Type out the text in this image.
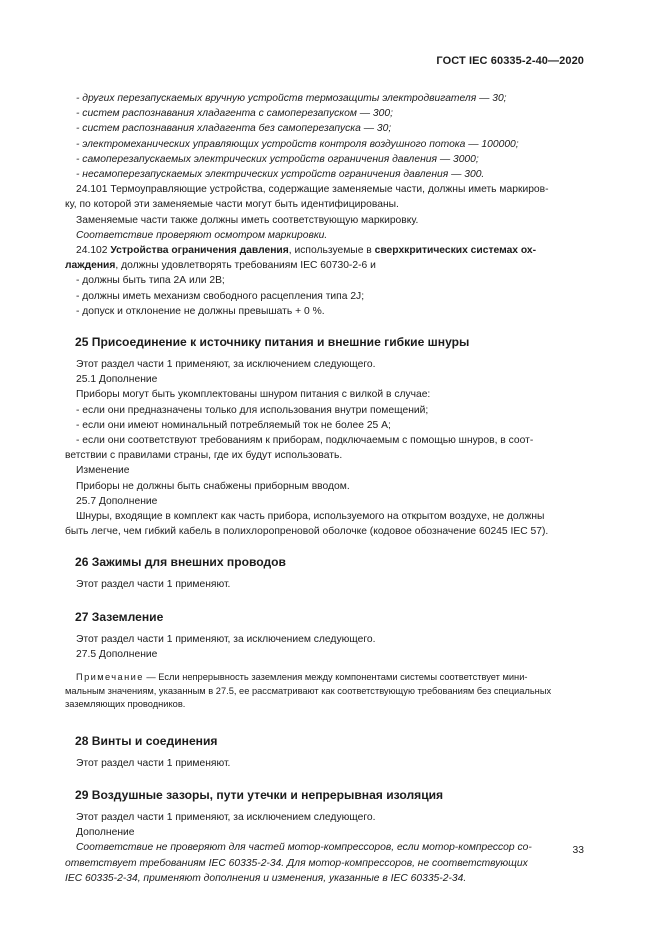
ГОСТ IEC 60335-2-40—2020

- других перезапускаемых вручную устройств термозащиты электродвигателя — 30;

- систем распознавания хладагента с самоперезапуском — 300;

- систем распознавания хладагента без самоперезапуска — 30;

- электромеханических управляющих устройств контроля воздушного потока — 100000;

- самоперезапускаемых электрических устройств ограничения давления — 3000;

- несамоперезапускаемых электрических устройств ограничения давления — 300.

24.101 Термоуправляющие устройства, содержащие заменяемые части, должны иметь маркиров-

ку, по которой эти заменяемые части могут быть идентифицированы.

Заменяемые части также должны иметь соответствующую маркировку.

Соответствие проверяют осмотром маркировки.

24.102 Устройства ограничения давления, используемые в сверхкритических системах ох-

лаждения, должны удовлетворять требованиям IEC 60730-2-6 и

- должны быть типа 2А или 2В;

- должны иметь механизм свободного расцепления типа 2J;

- допуск и отклонение не должны превышать + 0 %.

25 Присоединение к источнику питания и внешние гибкие шнуры

Этот раздел части 1 применяют, за исключением следующего.

25.1 Дополнение

Приборы могут быть укомплектованы шнуром питания с вилкой в случае:

- если они предназначены только для использования внутри помещений;

- если они имеют номинальный потребляемый ток не более 25 А;

- если они соответствуют требованиям к приборам, подключаемым с помощью шнуров, в соот-

ветствии с правилами страны, где их будут использовать.

Изменение

Приборы не должны быть снабжены приборным вводом.

25.7 Дополнение

Шнуры, входящие в комплект как часть прибора, используемого на открытом воздухе, не должны

быть легче, чем гибкий кабель в полихлоропреновой оболочке (кодовое обозначение 60245 IEC 57).

26 Зажимы для внешних проводов

Этот раздел части 1 применяют.

27 Заземление

Этот раздел части 1 применяют, за исключением следующего.

27.5 Дополнение

Примечание — Если непрерывность заземления между компонентами системы соответствует мини-

мальным значениям, указанным в 27.5, ее рассматривают как соответствующую требованиям без специальных

заземляющих проводников.

28 Винты и соединения

Этот раздел части 1 применяют.

29 Воздушные зазоры, пути утечки и непрерывная изоляция

Этот раздел части 1 применяют, за исключением следующего.

Дополнение

Соответствие не проверяют для частей мотор-компрессоров, если мотор-компрессор со-

ответствует требованиям IEC 60335-2-34. Для мотор-компрессоров, не соответствующих

IEC 60335-2-34, применяют дополнения и изменения, указанные в IEC 60335-2-34.

33
